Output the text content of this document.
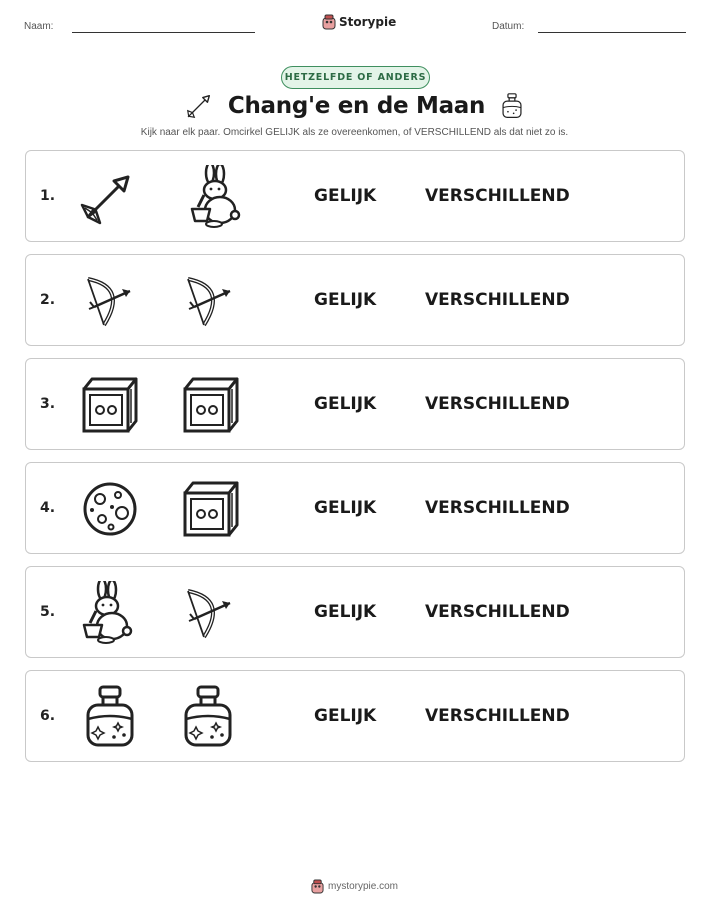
Naam:	Storypie	Datum:
HETZELFDE OF ANDERS
Chang'e en de Maan
Kijk naar elk paar. Omcirkel GELIJK als ze overeenkomen, of VERSCHILLEND als dat niet zo is.
1.	GELIJK	VERSCHILLEND
2.	GELIJK	VERSCHILLEND
3.	GELIJK	VERSCHILLEND
4.	GELIJK	VERSCHILLEND
5.	GELIJK	VERSCHILLEND
6.	GELIJK	VERSCHILLEND
mystorypie.com
